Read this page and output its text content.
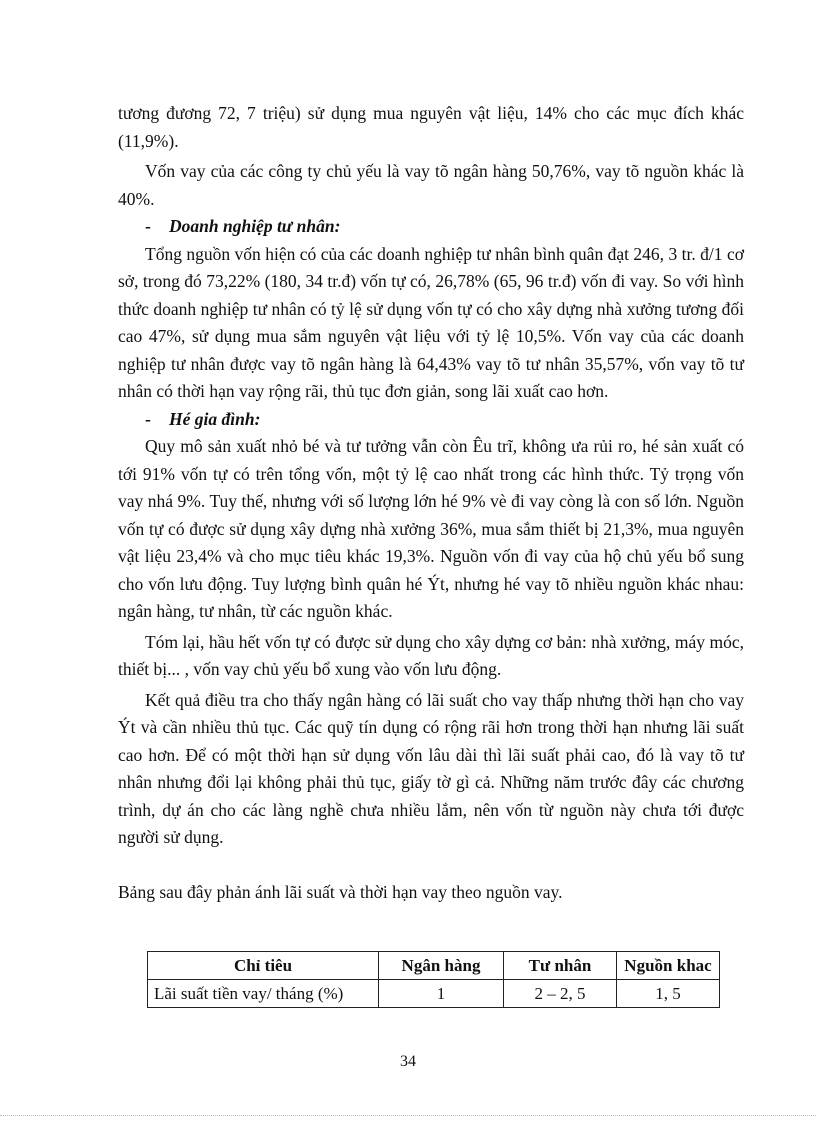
tương đương 72, 7 triệu) sử dụng mua nguyên vật liệu, 14% cho các mục đích khác (11,9%).

Vốn vay của các công ty chủ yếu là vay tõ ngân hàng 50,76%, vay tõ nguồn khác là 40%.

- Doanh nghiệp tư nhân:

Tổng nguồn vốn hiện có của các doanh nghiệp tư nhân bình quân đạt 246, 3 tr. đ/1 cơ sở, trong đó 73,22% (180, 34 tr.đ) vốn tự có, 26,78% (65, 96 tr.đ) vốn đi vay. So với hình thức doanh nghiệp tư nhân có tỷ lệ sử dụng vốn tự có cho xây dựng nhà xưởng tương đối cao 47%, sử dụng mua sắm nguyên vật liệu với tỷ lệ 10,5%. Vốn vay của các doanh nghiệp tư nhân được vay tõ ngân hàng là 64,43% vay tõ tư nhân 35,57%, vốn vay tõ tư nhân có thời hạn vay rộng rãi, thủ tục đơn giản, song lãi xuất cao hơn.

- Hé gia đình:

Quy mô sản xuất nhỏ bé và tư tưởng vẫn còn Êu trĩ, không ưa rủi ro, hé sản xuất có tới 91% vốn tự có trên tổng vốn, một tỷ lệ cao nhất trong các hình thức. Tỷ trọng vốn vay nhá 9%. Tuy thế, nhưng với số lượng lớn hé 9% vè đi vay còng là con số lớn. Nguồn vốn tự có được sử dụng xây dựng nhà xưởng 36%, mua sắm thiết bị 21,3%, mua nguyên vật liệu 23,4% và cho mục tiêu khác 19,3%. Nguồn vốn đi vay của hộ chủ yếu bổ sung cho vốn lưu động. Tuy lượng bình quân hé Ýt, nhưng hé vay tõ nhiều nguồn khác nhau: ngân hàng, tư nhân, từ các nguồn khác.

Tóm lại, hầu hết vốn tự có được sử dụng cho xây dựng cơ bản: nhà xưởng, máy móc, thiết bị... , vốn vay chủ yếu bổ xung vào vốn lưu động.

Kết quả điều tra cho thấy ngân hàng có lãi suất cho vay thấp nhưng thời hạn cho vay Ýt và cần nhiều thủ tục. Các quỹ tín dụng có rộng rãi hơn trong thời hạn nhưng lãi suất cao hơn. Để có một thời hạn sử dụng vốn lâu dài thì lãi suất phải cao, đó là vay tõ tư nhân nhưng đổi lại không phải thủ tục, giấy tờ gì cả. Những năm trước đây các chương trình, dự án cho các làng nghề chưa nhiều lắm, nên vốn từ nguồn này chưa tới được người sử dụng.

Bảng sau đây phản ánh lãi suất và thời hạn vay theo nguồn vay.

Chỉ tiêu	Ngân hàng	Tư nhân	Nguồn khac
Lãi suất tiền vay/ tháng (%)	1	2 – 2, 5	1, 5
34
